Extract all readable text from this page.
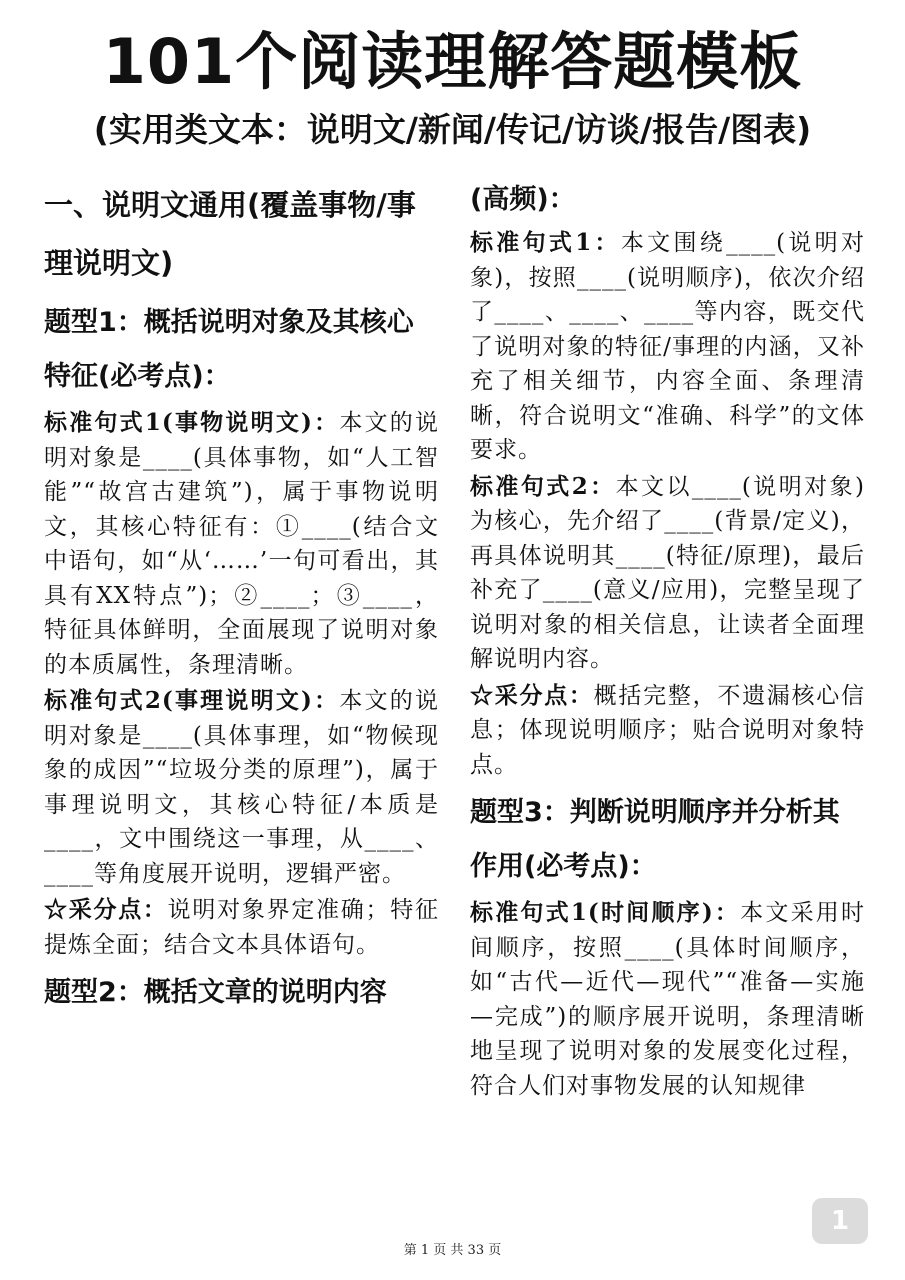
101个阅读理解答题模板
(实用类文本：说明文/新闻/传记/访谈/报告/图表)

一、说明文通用(覆盖事物/事理说明文)

题型1：概括说明对象及其核心特征(必考点)：

标准句式1(事物说明文)：本文的说明对象是____(具体事物，如“人工智能”“故宫古建筑”)，属于事物说明文，其核心特征有：①____(结合文中语句，如“从‘……’一句可看出，其具有XX特点”)；②____；③____，特征具体鲜明，全面展现了说明对象的本质属性，条理清晰。

标准句式2(事理说明文)：本文的说明对象是____(具体事理，如“物候现象的成因”“垃圾分类的原理”)，属于事理说明文，其核心特征/本质是____，文中围绕这一事理，从____、____等角度展开说明，逻辑严密。

☆采分点：说明对象界定准确；特征提炼全面；结合文本具体语句。

题型2：概括文章的说明内容

(高频)：

标准句式1：本文围绕____(说明对象)，按照____(说明顺序)，依次介绍了____、____、____等内容，既交代了说明对象的特征/事理的内涵，又补充了相关细节，内容全面、条理清晰，符合说明文“准确、科学”的文体要求。

标准句式2：本文以____(说明对象)为核心，先介绍了____(背景/定义)，再具体说明其____(特征/原理)，最后补充了____(意义/应用)，完整呈现了说明对象的相关信息，让读者全面理解说明内容。

☆采分点：概括完整，不遗漏核心信息；体现说明顺序；贴合说明对象特点。

题型3：判断说明顺序并分析其作用(必考点)：

标准句式1(时间顺序)：本文采用时间顺序，按照____(具体时间顺序，如“古代—近代—现代”“准备—实施—完成”)的顺序展开说明，条理清晰地呈现了说明对象的发展变化过程，符合人们对事物发展的认知规律

第 1 页 共 33 页
1
